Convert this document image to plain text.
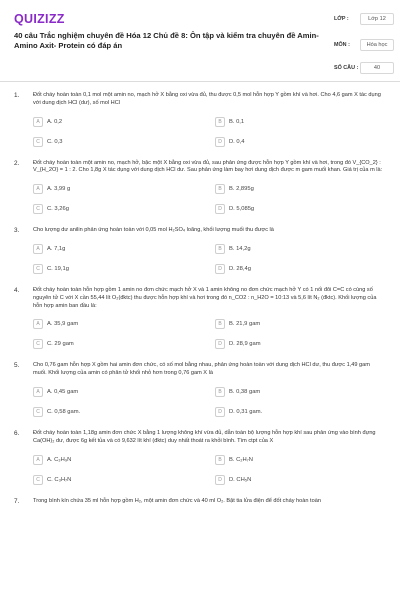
QUIZIZZ
40 câu Trắc nghiệm chuyên đề Hóa 12 Chủ đề 8: Ôn tập và kiểm tra chuyên đề Amin- Amino Axit- Protein có đáp án
LỚP :	Lớp 12
MÔN :	Hóa học
SỐ CÂU :	40
1. Đốt cháy hoàn toàn 0,1 mol một amin no, mạch hở X bằng oxi vừa đủ, thu được 0,5 mol hỗn hợp Y gồm khí và hơi. Cho 4,6 gam X tác dụng với dung dịch HCl (dư), số mol HCl
A	A. 0,2	B	B. 0,1
C	C. 0,3	D	D. 0,4
2. Đốt cháy hoàn toàn một amin no, mạch hở, bậc một X bằng oxi vừa đủ, sau phản ứng được hỗn hợp Y gồm khí và hơi, trong đó V_{CO_2} : V_{H_2O} = 1 : 2. Cho 1,8g X tác dụng với dung dịch HCl dư. Sau phản ứng làm bay hơi dung dịch được m gam muối khan. Giá trị của m là:
A	A. 3,99 g	B	B. 2,895g
C	C. 3,26g	D	D. 5,085g
3. Cho lượng dư anilin phản ứng hoàn toàn với 0,05 mol H₂SO₄ loãng, khối lượng muối thu được là
A	A. 7,1g	B	B. 14,2g
C	C. 19,1g	D	D. 28,4g
4. Đốt cháy hoàn toàn hỗn hợp gồm 1 amin no đơn chức mạch hở X và 1 amin không no đơn chức mạch hở Y có 1 nối đôi C=C có cùng số nguyên tử C với X cần 55,44 lít O₂(đktc) thu được hỗn hợp khí và hơi trong đó n_CO2 : n_H2O = 10:13 và 5,6 lít N₂ (đktc). Khối lượng của hỗn hợp amin ban đầu là:
A	A. 35,9 gam	B	B. 21,9 gam
C	C. 29 gam	D	D. 28,9 gam
5. Cho 0,76 gam hỗn hợp X gồm hai amin đơn chức, có số mol bằng nhau, phản ứng hoàn toàn với dung dịch HCl dư, thu được 1,49 gam muối. Khối lượng của amin có phân tử khối nhỏ hơn trong 0,76 gam X là
A	A. 0,45 gam	B	B. 0,38 gam
C	C. 0,58 gam.	D	D. 0,31 gam.
6. Đốt cháy hoàn toàn 1,18g amin đơn chức X bằng 1 lượng không khí vừa đủ, dẫn toàn bộ lượng hỗn hợp khí sau phản ứng vào bình đựng Ca(OH)₂ dư, được 6g kết tủa và có 9,632 lít khí (đktc) duy nhất thoát ra khỏi bình. Tìm ctpt của X
A	A. C₃H₉N	B	B. C₂H₇N
C	C. C₃H₇N	D	D. CH₅N
7. Trong bình kín chứa 35 ml hỗn hợp gồm H₂, một amin đơn chức và 40 ml O₂. Bật tia lửa điện để đốt cháy hoàn toàn
